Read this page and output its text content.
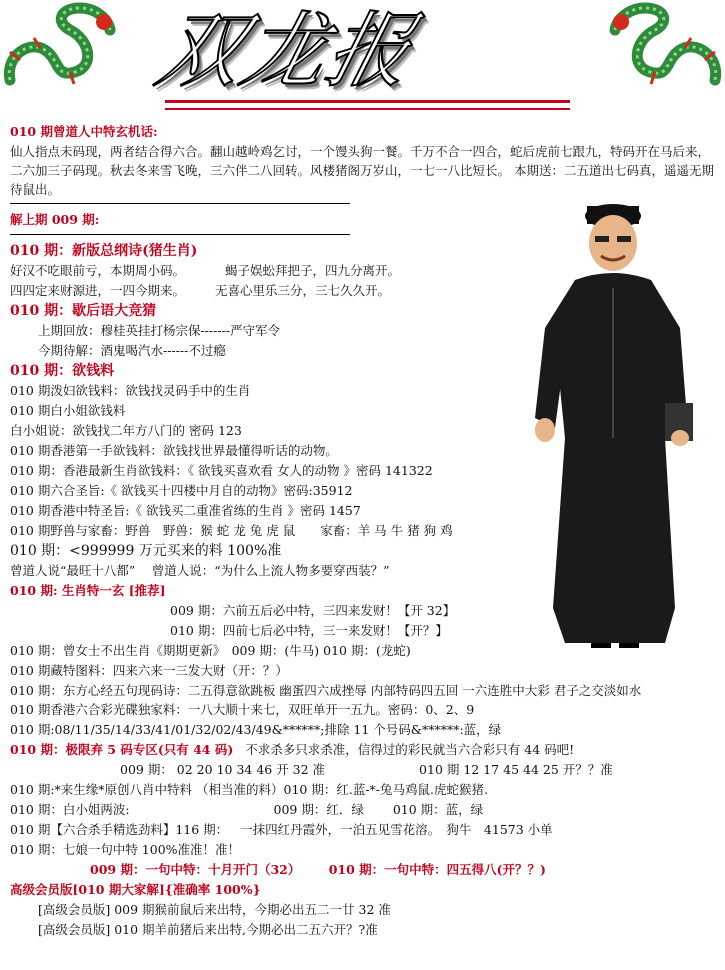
双龙报
010 期曾道人中特玄机话:
仙人指点未码现，两者结合得六合。翻山越岭鸡乞讨，一个馒头狗一餐。千万不合一四合，蛇后虎前七跟九，特码开在马后来，二六加三子码现。秋去冬来雪飞晚，三六伴二八回转。风楼猪阁万岁山，一七一八比短长。 本期送：二五道出七码真，遥遥无期待鼠出。
解上期 009 期:
010 期：新版总纲诗(猪生肖)
好汉不吃眼前亏，本期周小码。	蝎子娱蚣拜把子，四九分离开。
四四定来财源进，一四今期来。 无喜心里乐三分，三七久久开。
010 期：歇后语大竞猜
上期回放：穆桂英挂打杨宗保-------严守军令
今期待解：酒鬼喝汽水------不过瘾
010 期：欲钱料
010 期泼妇欲钱料：欲钱找灵码手中的生肖
010 期白小姐欲钱料
白小姐说：欲钱找二年方八门的 密码 123
010 期香港第一手欲钱料：欲钱找世界最懂得听话的动物。
010 期：香港最新生肖欲钱料：《 欲钱买喜欢看 女人的动物 》密码 141322
010 期六合圣旨:《 欲钱买十四楼中月自的动物》密码:35912
010 期香港中特圣旨:《 欲钱买二重准省练的生肖 》密码 1457
010 期野兽与家畜：野兽　野兽：猴 蛇 龙 兔 虎 鼠　　家畜：羊 马 牛 猪 狗 鸡
010 期：<999999 万元买来的料 100%准
曾道人说“最旺十八都”　 曾道人说：“为什么上流人物多要穿西装？”
010 期: 生肖特一玄 [推荐]
009 期：六前五后必中特，三四来发财！【开 32】
010 期：四前七后必中特，三一来发财！【开？】
010 期：曾女士不出生肖《期期更新》　009 期：(牛马) 010 期：(龙蛇)
010 期藏特图料：四来六来一三发大财（开：？）
010 期：东方心经五句现码诗：二五得意欲跳板 幽蛋四六成挫辱 内部特码四五回 一六连胜中大彩 君子之交淡如水
010 期香港六合彩光碟独家料：一八大顺十来七，双旺单开一五九。密码：0、2、9
010 期:08/11/35/14/33/41/01/32/02/43/49&******;排除 11 个号码&******:蓝，绿
010 期：极限弃 5 码专区(只有 44 码) 不求杀多只求杀准，信得过的彩民就当六合彩只有 44 码吧!
009 期： 02 20 10 34 46 开 32 准	010 期 12 17 45 44 25 开？？准
010 期:*来生缘*原创八肖中特料 （相当准的料）010 期：红.蓝-*-兔马鸡鼠.虎蛇猴猪.
010 期：白小姐两波:	009 期：红．绿　　 010 期：蓝，绿
010 期【六合杀手精选劲料】116 期： 一抹四红丹霞外，一泊五见雪花溶。　狗牛　41573 小单
010 期：七娘一句中特 100%准准！准！
009 期：一句中特：十月开门（32） 010 期：一句中特：四五得八(开？？)
高级会员版[010 期大家解]{准确率 100%}
[高级会员版] 009 期猴前鼠后来出特，今期必出五二一廿 32 准
[高级会员版] 010 期羊前猪后来出特,今期必出二五六开？?准
